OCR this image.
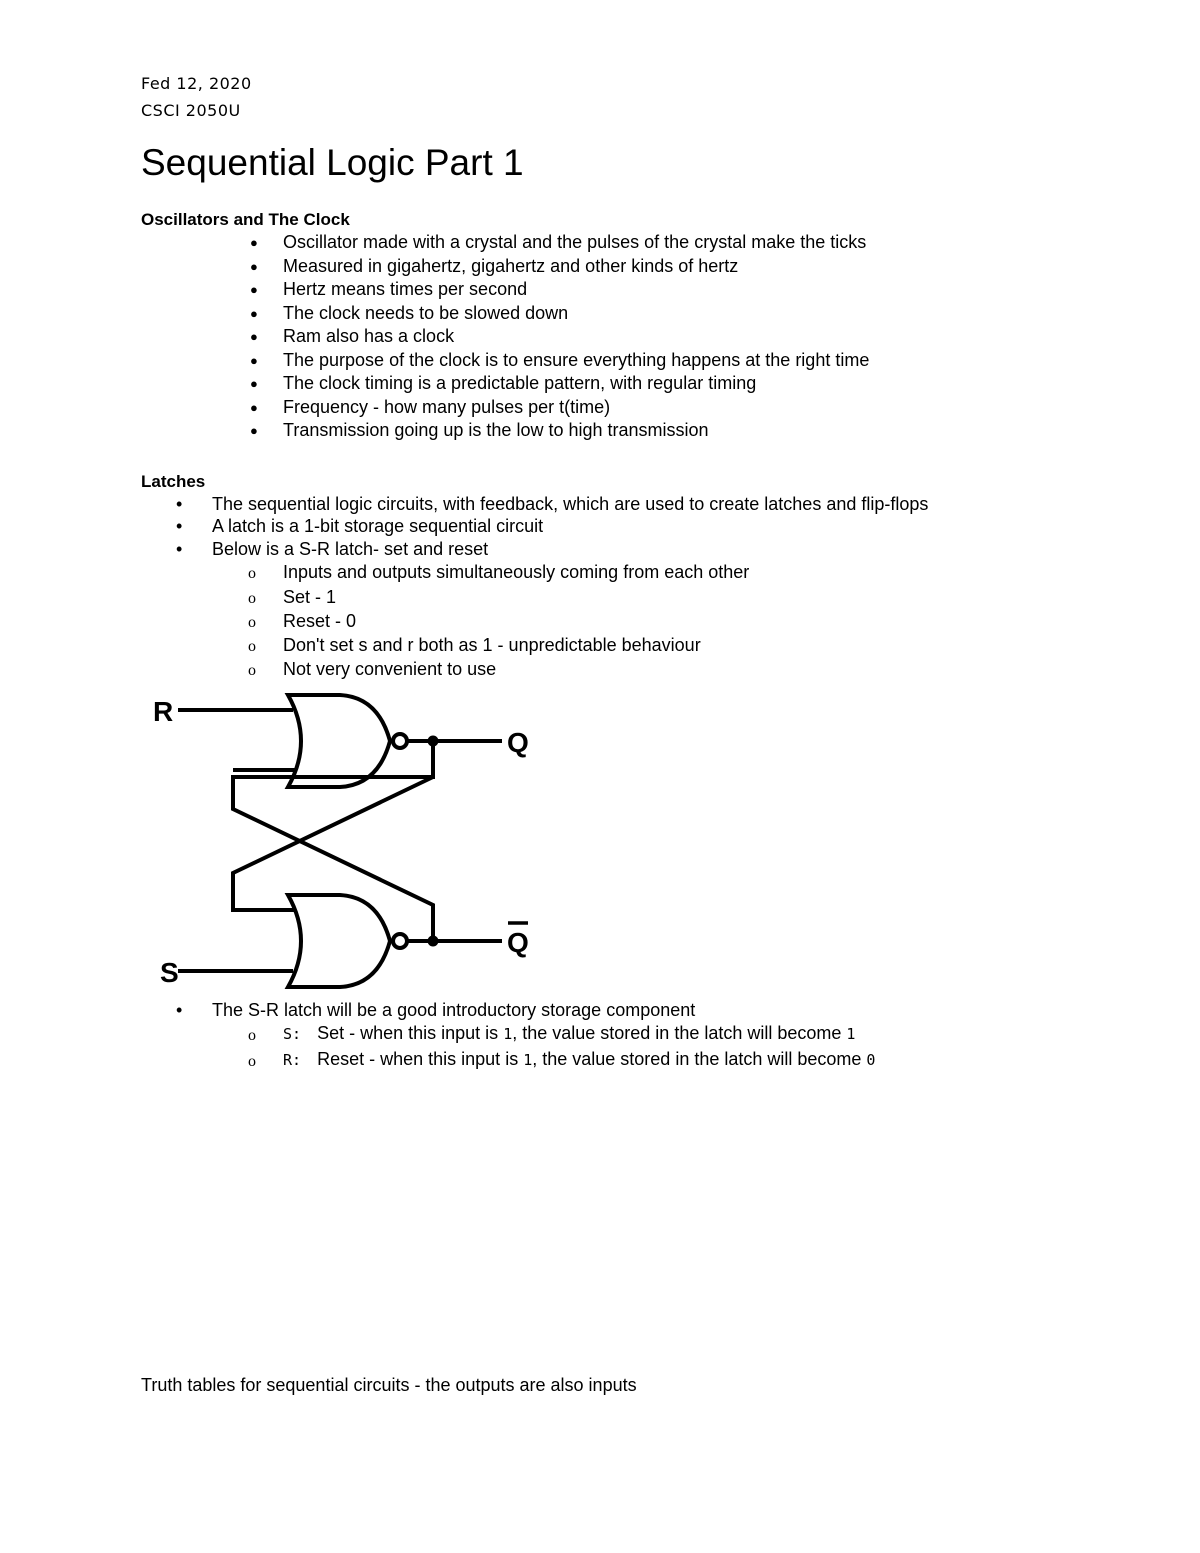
Fed 12, 2020
CSCI 2050U
Sequential Logic Part 1
Oscillators and The Clock
● Oscillator made with a crystal and the pulses of the crystal make the ticks
● Measured in gigahertz, gigahertz and other kinds of hertz
● Hertz means times per second
● The clock needs to be slowed down
● Ram also has a clock
● The purpose of the clock is to ensure everything happens at the right time
● The clock timing is a predictable pattern, with regular timing
● Frequency - how many pulses per t(time)
● Transmission going up is the low to high transmission
Latches
• The sequential logic circuits, with feedback, which are used to create latches and flip-flops
• A latch is a 1-bit storage sequential circuit
• Below is a S-R latch- set and reset
o Inputs and outputs simultaneously coming from each other
o Set - 1
o Reset - 0
o Don't set s and r both as 1 - unpredictable behaviour
o Not very convenient to use
R
S
Q
Q
• The S-R latch will be a good introductory storage component
o S: Set - when this input is 1, the value stored in the latch will become 1
o R: Reset - when this input is 1, the value stored in the latch will become 0
Truth tables for sequential circuits - the outputs are also inputs
